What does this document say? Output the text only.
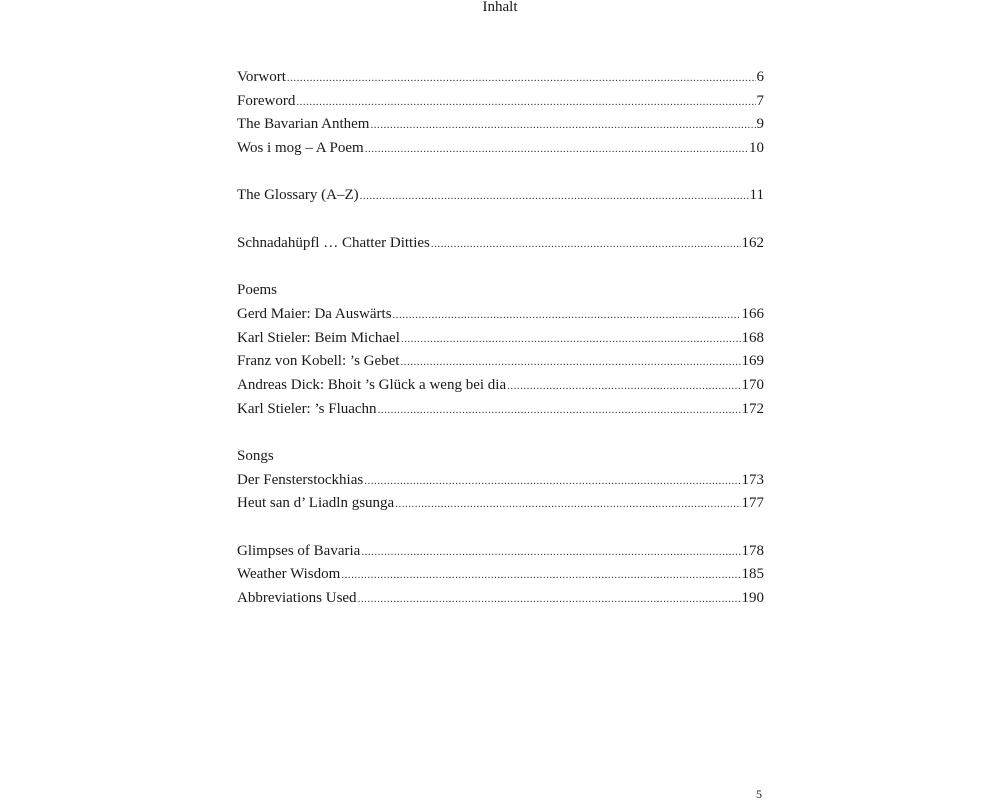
Inhalt
Vorwort .....	6
Foreword .....	7
The Bavarian Anthem .....	9
Wos i mog – A Poem .....	10
The Glossary (A–Z) .....	11
Schnadahüpfl … Chatter Ditties .....	162
Poems
Gerd Maier: Da Auswärts .....	166
Karl Stieler: Beim Michael .....	168
Franz von Kobell: ’s Gebet .....	169
Andreas Dick: Bhoit ’s Glück a weng bei dia .....	170
Karl Stieler: ’s Fluachn .....	172
Songs
Der Fensterstockhias .....	173
Heut san d’ Liadln gsunga .....	177
Glimpses of Bavaria .....	178
Weather Wisdom .....	185
Abbreviations Used .....	190
5
